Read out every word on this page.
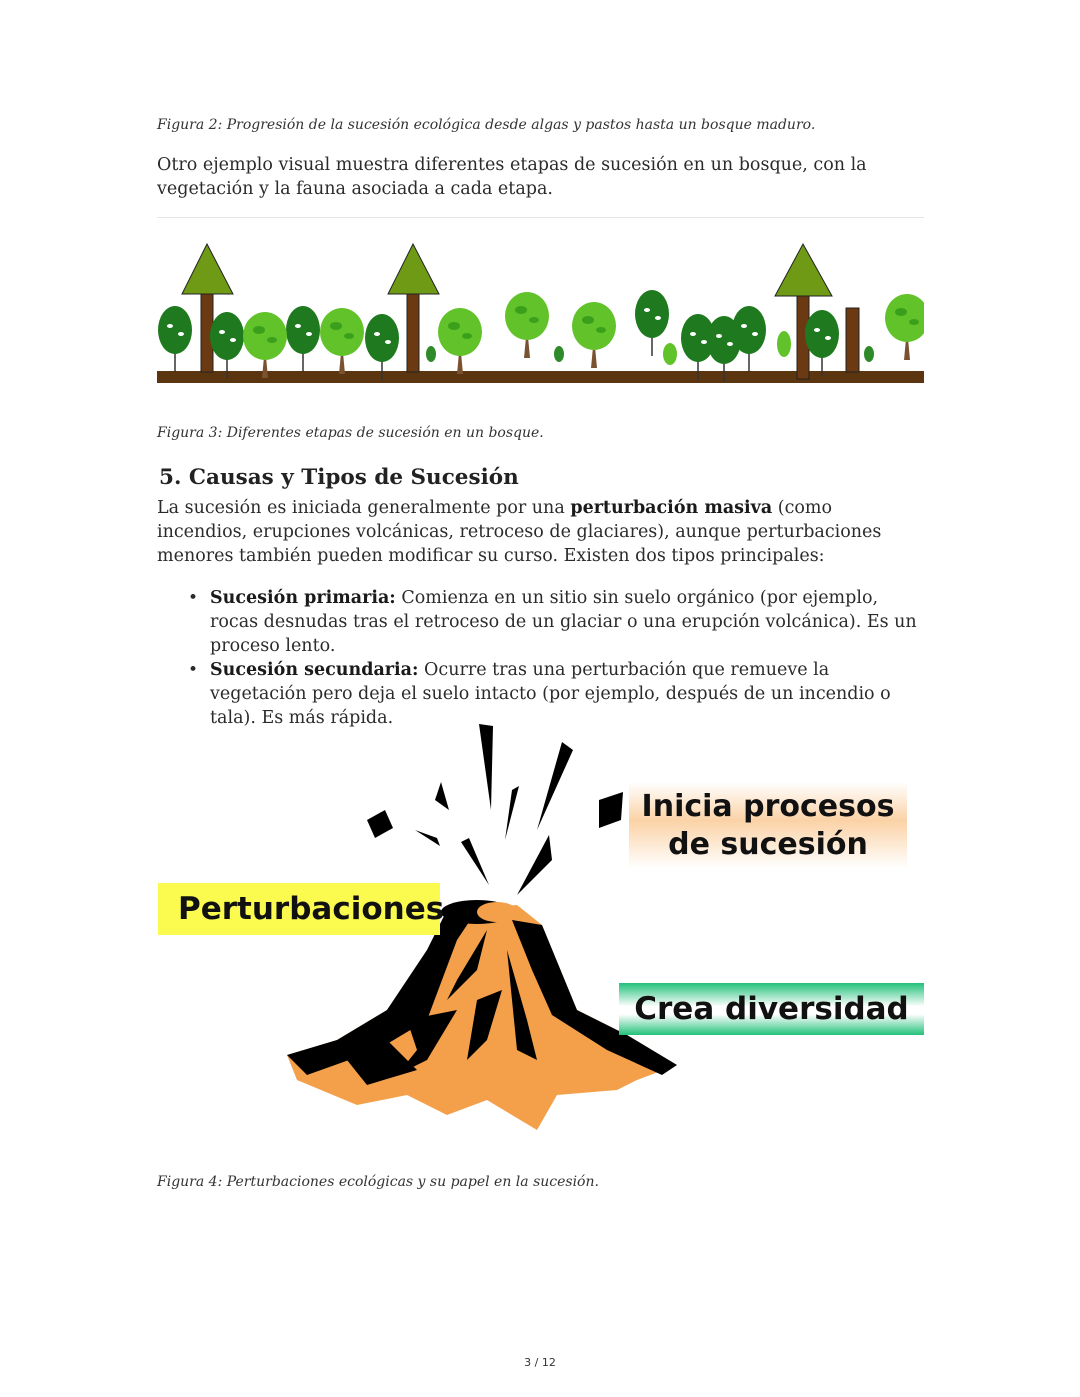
Figura 2: Progresión de la sucesión ecológica desde algas y pastos hasta un bosque maduro.
Otro ejemplo visual muestra diferentes etapas de sucesión en un bosque, con la vegetación y la fauna asociada a cada etapa.
Figura 3: Diferentes etapas de sucesión en un bosque.
5. Causas y Tipos de Sucesión
La sucesión es iniciada generalmente por una perturbación masiva (como incendios, erupciones volcánicas, retroceso de glaciares), aunque perturbaciones menores también pueden modificar su curso. Existen dos tipos principales:
• Sucesión primaria: Comienza en un sitio sin suelo orgánico (por ejemplo, rocas desnudas tras el retroceso de un glaciar o una erupción volcánica). Es un proceso lento.
• Sucesión secundaria: Ocurre tras una perturbación que remueve la vegetación pero deja el suelo intacto (por ejemplo, después de un incendio o tala). Es más rápida.
Perturbaciones
Inicia procesos
de sucesión
Crea diversidad
Figura 4: Perturbaciones ecológicas y su papel en la sucesión.
3 / 12
